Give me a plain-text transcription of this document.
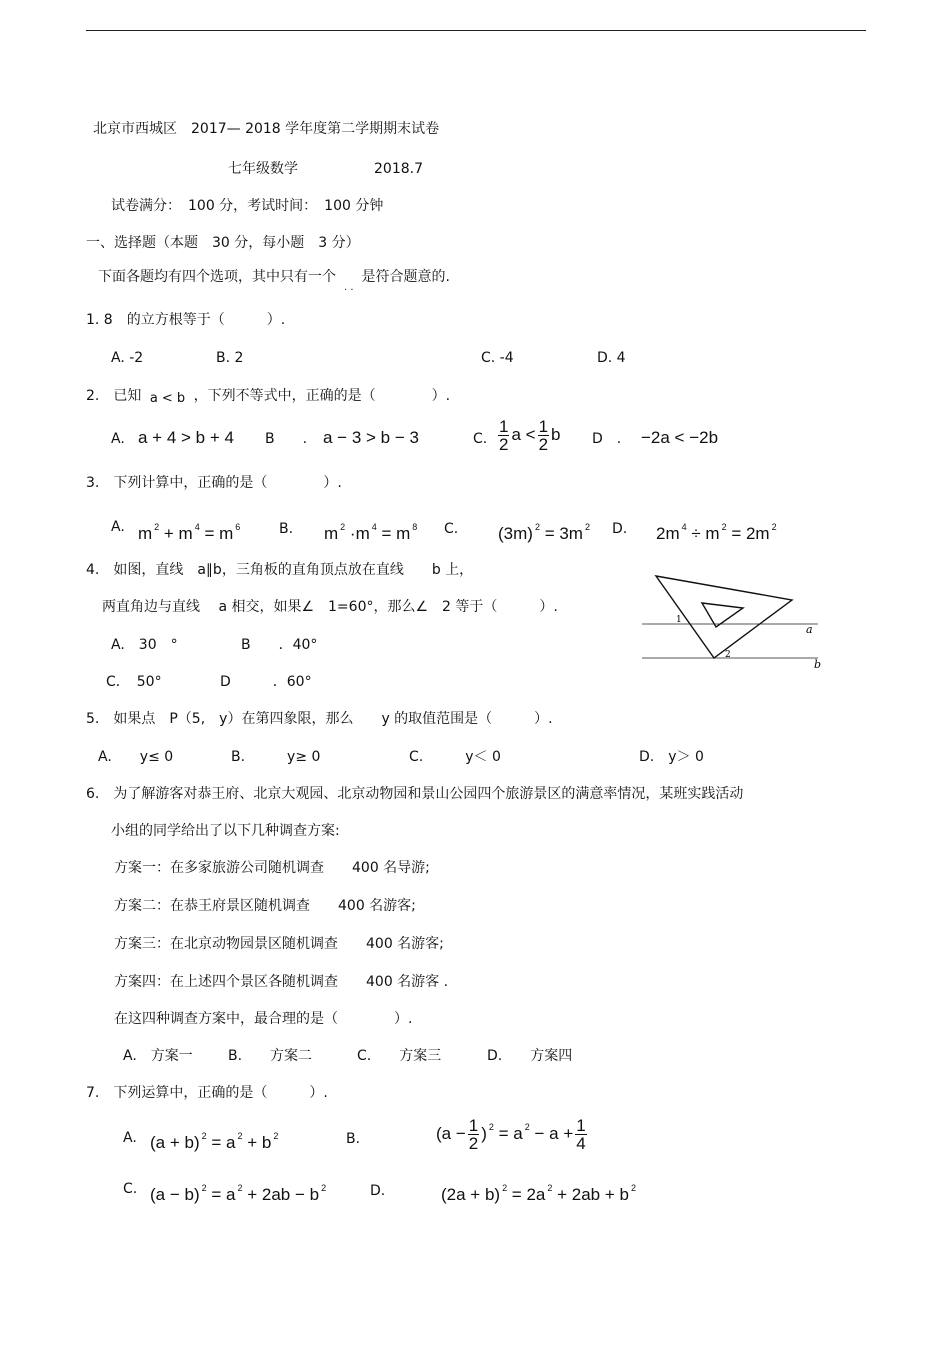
北京市西城区　2017— 2018 学年度第二学期期末试卷
七年级数学	2018.7
试卷满分：　100 分，考试时间：　100 分钟
一、选择题（本题　30 分，每小题　3 分）
下面各题均有四个选项，其中只有一个$_{. .}$是符合题意的.
1. 8　的立方根等于（　　　）.
A. -2	B. 2	C. -4	D. 4
2.　已知 a < b ，下列不等式中，正确的是（　　　　）.
A. a + 4 > b + 4 B　　. a − 3 > b − 3	C. $\frac{1}{2}$ $a < \frac{1}{2}$ b D　. −2a < −2b
3.　下列计算中，正确的是（　　　　）.
A. m $^2$ + m $^4$ = m $^6$	B. m $^2$ ·m $^4$ = m $^8$ C. (3m) $^2$ = 3m $^2$ D. 2m $^4$ ÷ m $^2$ = 2m $^2$
4.　如图，直线　a∥b，三角板的直角顶点放在直线　　b 上，
两直角边与直线　 a 相交，如果∠　1=60°，那么∠　2 等于（　　　）.
A.　30　°	B　　．40°
C．　50°	D　　　．60°
1
2
a
b
5.　如果点　P（5,　y）在第四象限，那么　　y 的取值范围是（　　　）.
A.　　y≤ 0	B.　　　y≥ 0	C.　　　y＜ 0	D.　y＞ 0
6.　为了解游客对恭王府、北京大观园、北京动物园和景山公园四个旅游景区的满意率情况，某班实践活动
小组的同学给出了以下几种调查方案:
方案一：在多家旅游公司随机调查　　400 名导游;
方案二：在恭王府景区随机调查　　400 名游客;
方案三：在北京动物园景区随机调查　　400 名游客;
方案四：在上述四个景区各随机调查　　400 名游客 .
在这四种调查方案中，最合理的是（　　　　）.
A.　方案一	B.　　方案二	C.　　方案三	D.　　方案四
7.　下列运算中，正确的是（　　　）.
A. (a + b) $^2$ = a $^2$ + b $^2$	B.	($a - \frac{1}{2}$ ) $^2$ = a $^2 - a + \frac{1}{4}$
C. (a − b) $^2$ = a $^2$ + 2ab − b $^2$	D.	(2a + b) $^2$ = 2a $^2$ + 2ab + b $^2$
